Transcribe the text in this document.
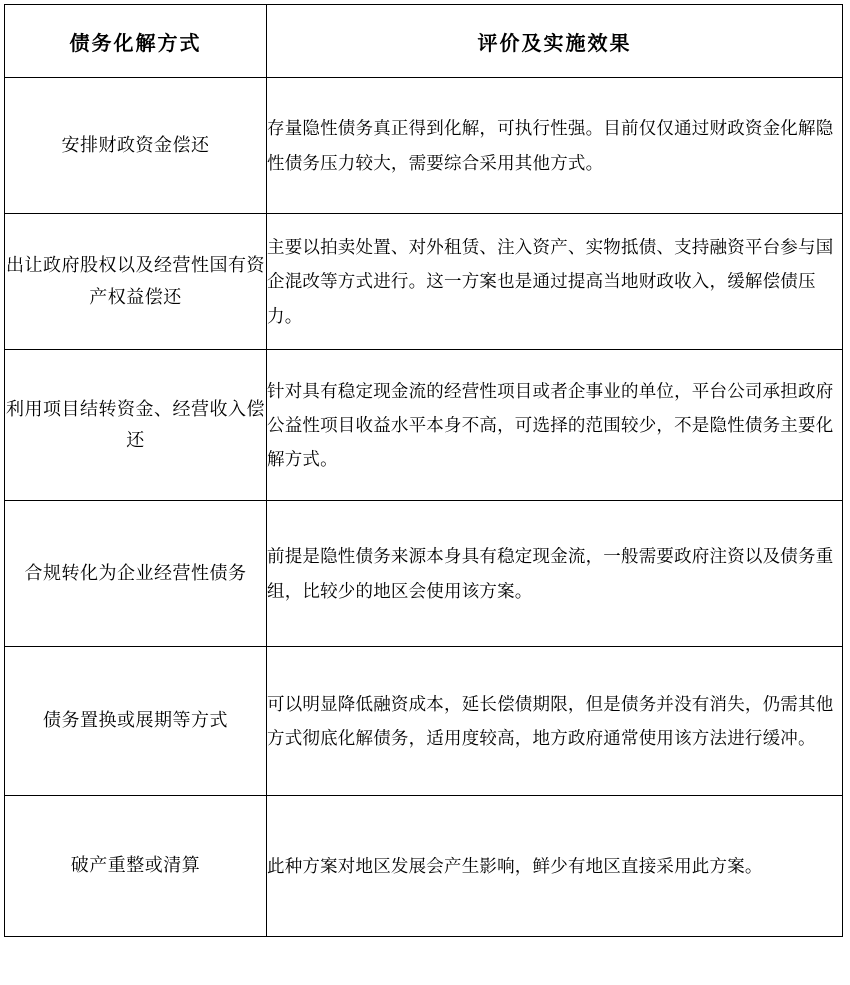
债务化解方式	评价及实施效果
安排财政资金偿还	存量隐性债务真正得到化解，可执行性强。目前仅仅通过财政资金化解隐性债务压力较大，需要综合采用其他方式。
出让政府股权以及经营性国有资产权益偿还	主要以拍卖处置、对外租赁、注入资产、实物抵债、支持融资平台参与国企混改等方式进行。这一方案也是通过提高当地财政收入，缓解偿债压力。
利用项目结转资金、经营收入偿还	针对具有稳定现金流的经营性项目或者企事业的单位，平台公司承担政府公益性项目收益水平本身不高，可选择的范围较少，不是隐性债务主要化解方式。
合规转化为企业经营性债务	前提是隐性债务来源本身具有稳定现金流，一般需要政府注资以及债务重组，比较少的地区会使用该方案。
债务置换或展期等方式	可以明显降低融资成本，延长偿债期限，但是债务并没有消失，仍需其他方式彻底化解债务，适用度较高，地方政府通常使用该方法进行缓冲。
破产重整或清算	此种方案对地区发展会产生影响，鲜少有地区直接采用此方案。
